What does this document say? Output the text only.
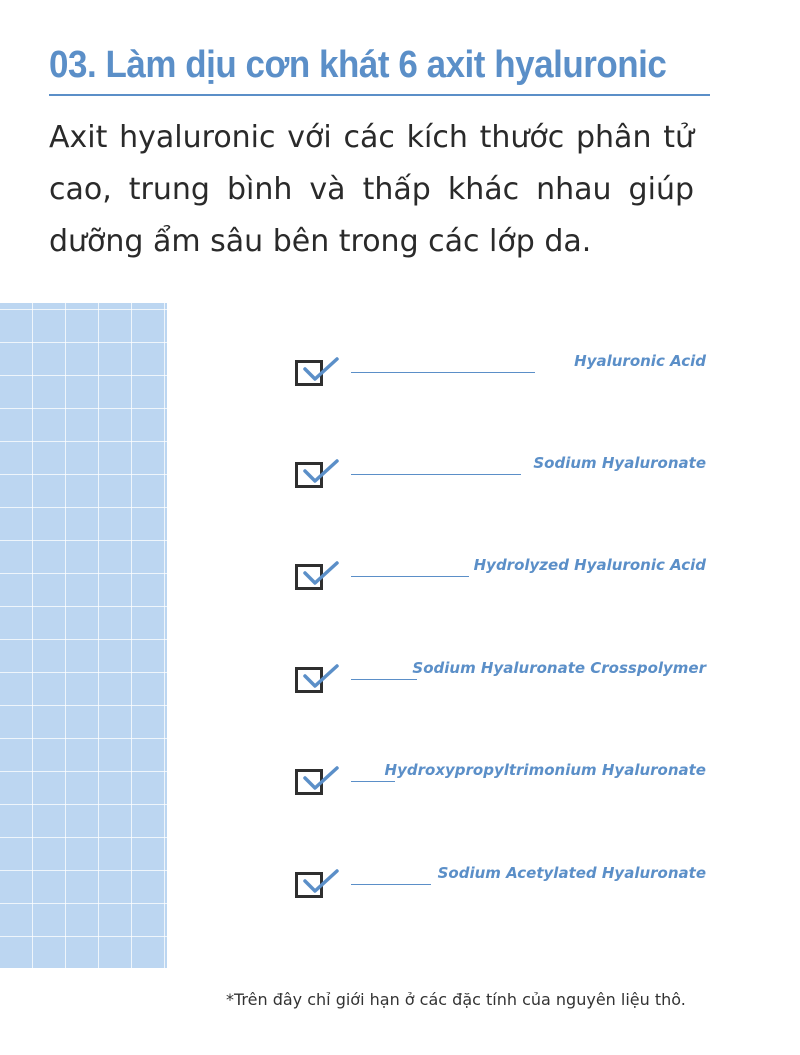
03. Làm dịu cơn khát 6 axit hyaluronic
Axit hyaluronic với các kích thước phân tử
cao, trung bình và thấp khác nhau giúp
dưỡng ẩm sâu bên trong các lớp da.
Hyaluronic Acid
Sodium Hyaluronate
Hydrolyzed Hyaluronic Acid
Sodium Hyaluronate Crosspolymer
Hydroxypropyltrimonium Hyaluronate
Sodium Acetylated Hyaluronate
*Trên đây chỉ giới hạn ở các đặc tính của nguyên liệu thô.
